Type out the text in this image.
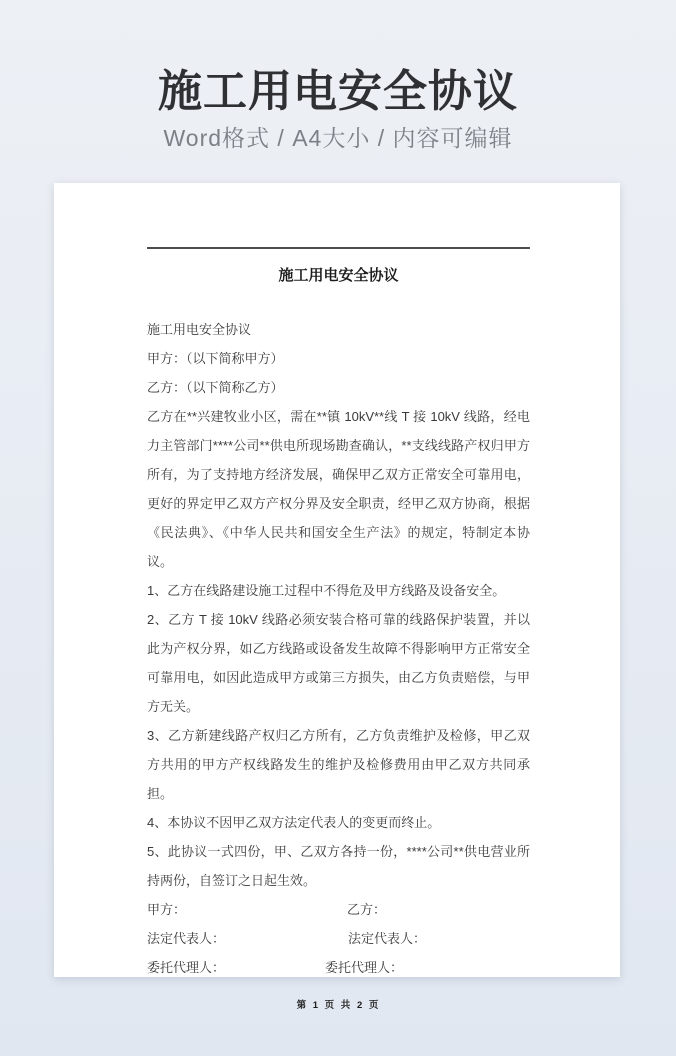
施工用电安全协议
Word格式 / A4大小 / 内容可编辑
施工用电安全协议

施工用电安全协议

甲方：（以下简称甲方）

乙方：（以下简称乙方）

乙方在**兴建牧业小区，需在**镇 10kV**线 T 接 10kV 线路，经电力主管部门****公司**供电所现场勘查确认，**支线线路产权归甲方所有，为了支持地方经济发展，确保甲乙双方正常安全可靠用电，更好的界定甲乙双方产权分界及安全职责，经甲乙双方协商，根据《民法典》、《中华人民共和国安全生产法》的规定，特制定本协议。

1、乙方在线路建设施工过程中不得危及甲方线路及设备安全。

2、乙方 T 接 10kV 线路必须安装合格可靠的线路保护装置，并以此为产权分界，如乙方线路或设备发生故障不得影响甲方正常安全可靠用电，如因此造成甲方或第三方损失，由乙方负责赔偿，与甲方无关。

3、乙方新建线路产权归乙方所有，乙方负责维护及检修，甲乙双方共用的甲方产权线路发生的维护及检修费用由甲乙双方共同承担。

4、本协议不因甲乙双方法定代表人的变更而终止。

5、此协议一式四份，甲、乙双方各持一份，****公司**供电营业所持两份，自签订之日起生效。

甲方：	乙方：
法定代表人：	法定代表人：
委托代理人：	委托代理人：
第 1 页 共 2 页
